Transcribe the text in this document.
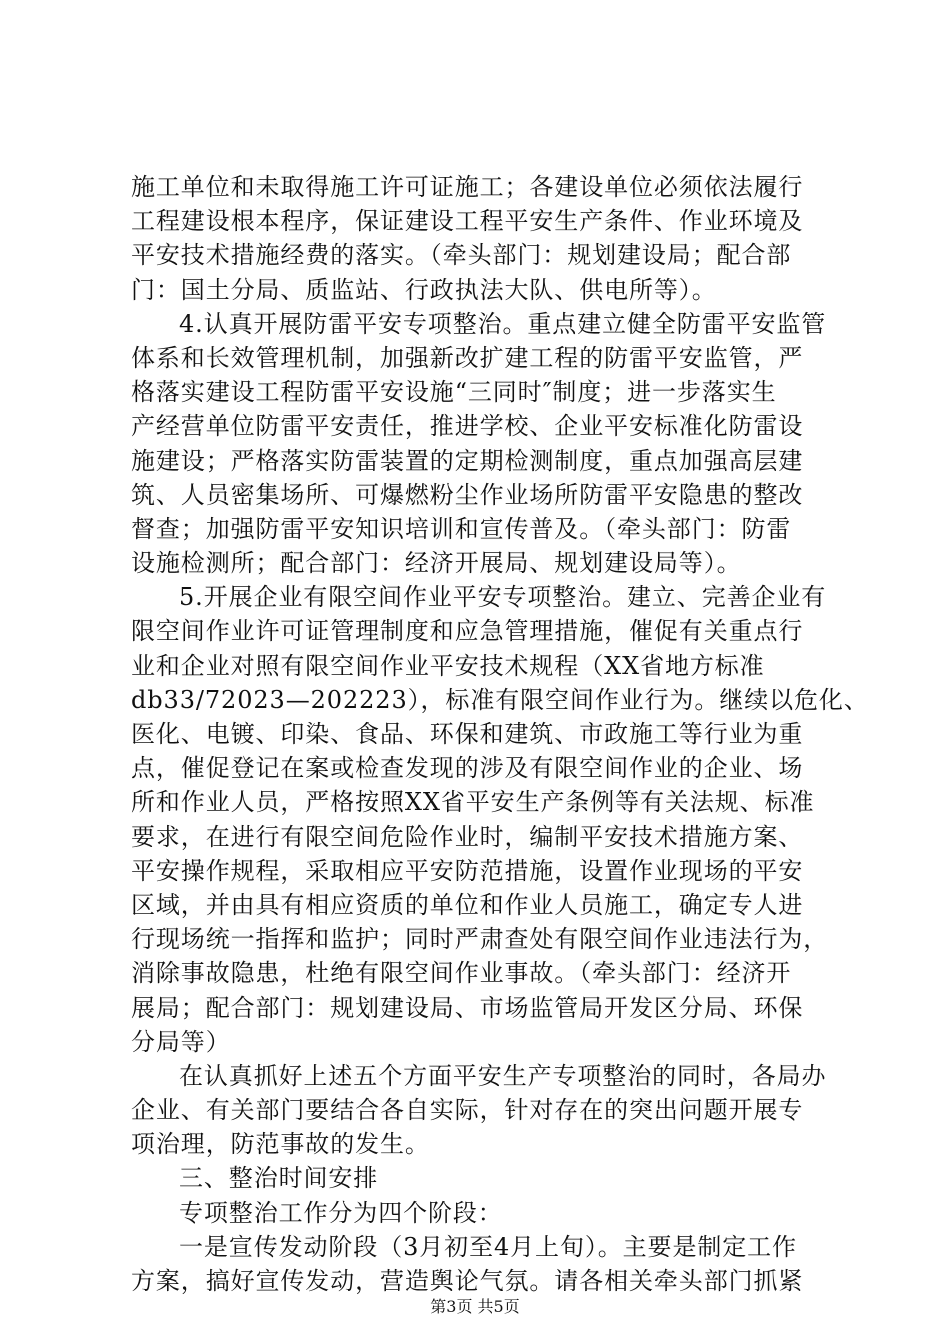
施工单位和未取得施工许可证施工；各建设单位必须依法履行
工程建设根本程序，保证建设工程平安生产条件、作业环境及
平安技术措施经费的落实。（牵头部门：规划建设局；配合部
门：国土分局、质监站、行政执法大队、供电所等）。
4.认真开展防雷平安专项整治。重点建立健全防雷平安监管
体系和长效管理机制，加强新改扩建工程的防雷平安监管，严
格落实建设工程防雷平安设施“三同时″制度；进一步落实生
产经营单位防雷平安责任，推进学校、企业平安标准化防雷设
施建设；严格落实防雷装置的定期检测制度，重点加强高层建
筑、人员密集场所、可爆燃粉尘作业场所防雷平安隐患的整改
督查；加强防雷平安知识培训和宣传普及。（牵头部门：防雷
设施检测所；配合部门：经济开展局、规划建设局等）。
5.开展企业有限空间作业平安专项整治。建立、完善企业有
限空间作业许可证管理制度和应急管理措施，催促有关重点行
业和企业对照有限空间作业平安技术规程（XX省地方标准
db33/72023—202223），标准有限空间作业行为。继续以危化、
医化、电镀、印染、食品、环保和建筑、市政施工等行业为重
点，催促登记在案或检查发现的涉及有限空间作业的企业、场
所和作业人员，严格按照XX省平安生产条例等有关法规、标准
要求，在进行有限空间危险作业时，编制平安技术措施方案、
平安操作规程，采取相应平安防范措施，设置作业现场的平安
区域，并由具有相应资质的单位和作业人员施工，确定专人进
行现场统一指挥和监护；同时严肃查处有限空间作业违法行为，
消除事故隐患，杜绝有限空间作业事故。（牵头部门：经济开
展局；配合部门：规划建设局、市场监管局开发区分局、环保
分局等）
在认真抓好上述五个方面平安生产专项整治的同时，各局办
企业、有关部门要结合各自实际，针对存在的突出问题开展专
项治理，防范事故的发生。
三、整治时间安排
专项整治工作分为四个阶段：
一是宣传发动阶段（3月初至4月上旬）。主要是制定工作
方案，搞好宣传发动，营造舆论气氛。请各相关牵头部门抓紧
第3页 共5页
